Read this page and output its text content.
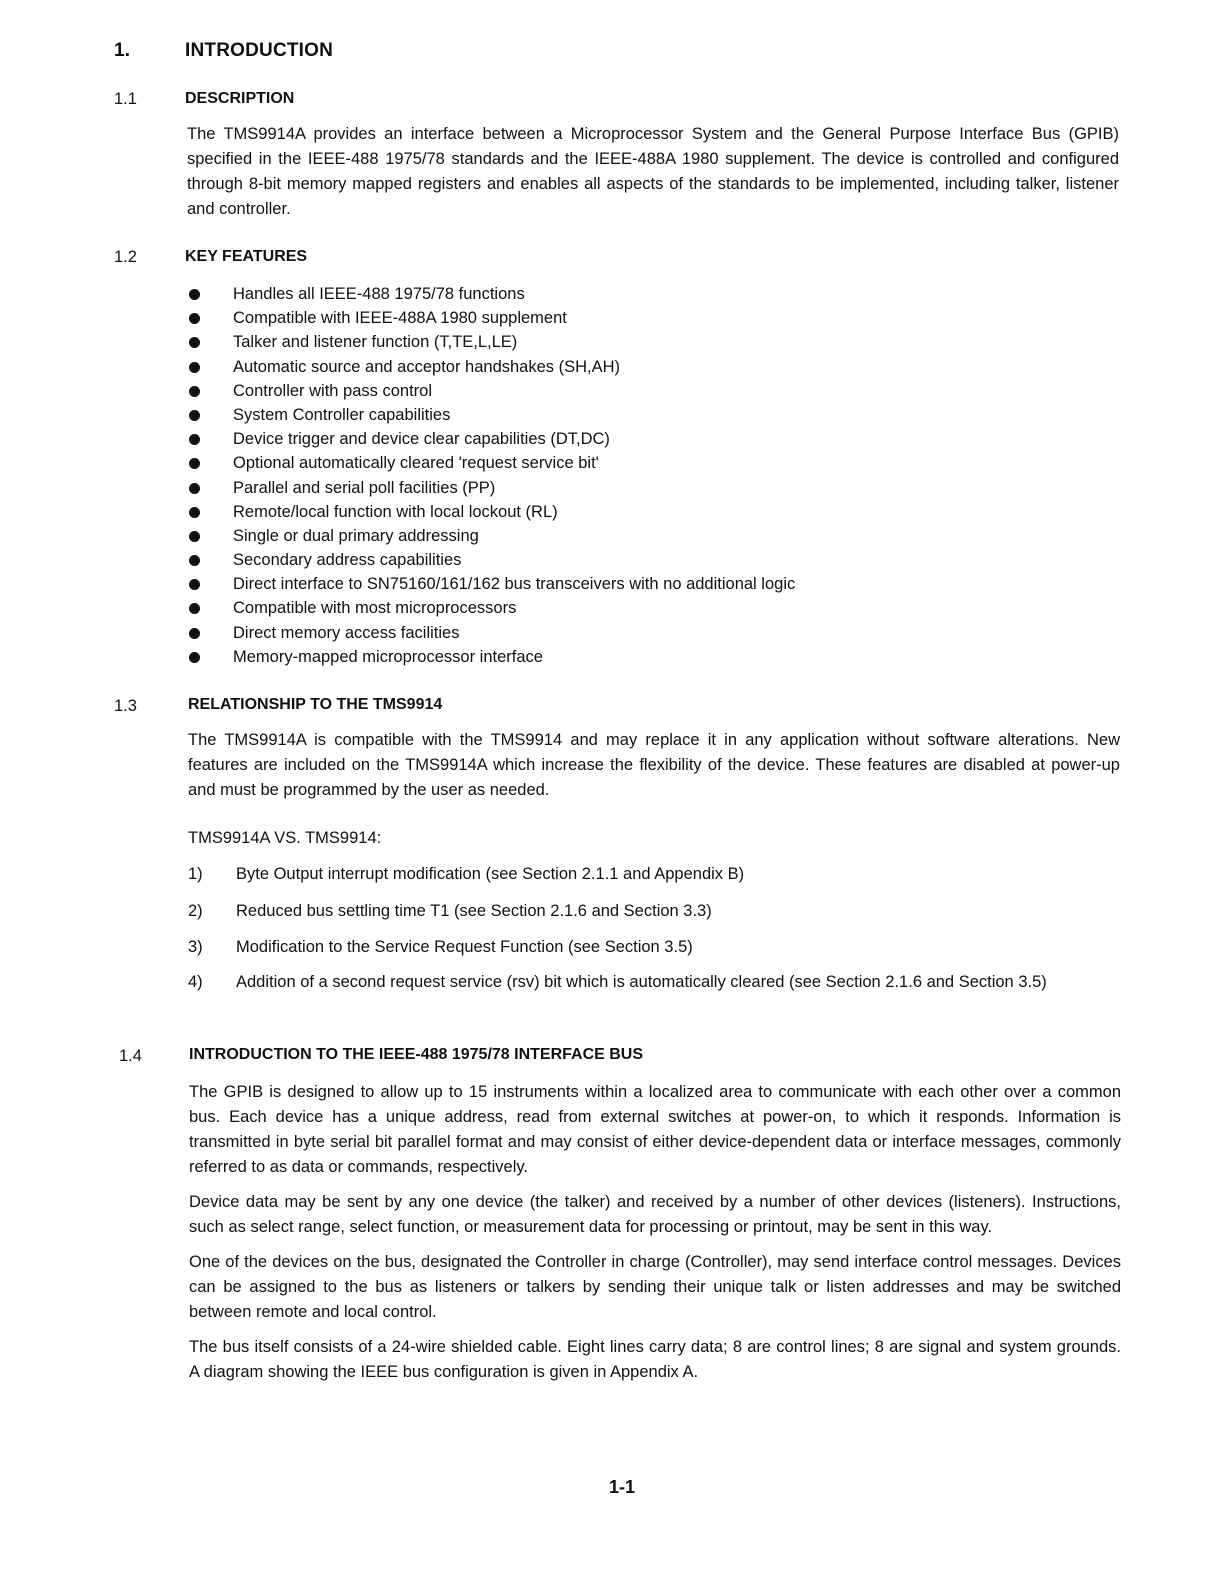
1.	INTRODUCTION
1.1	DESCRIPTION
The TMS9914A provides an interface between a Microprocessor System and the General Purpose Interface Bus (GPIB) specified in the IEEE-488 1975/78 standards and the IEEE-488A 1980 supplement. The device is controlled and configured through 8-bit memory mapped registers and enables all aspects of the standards to be implemented, including talker, listener and controller.
1.2	KEY FEATURES
Handles all IEEE-488 1975/78 functions
Compatible with IEEE-488A 1980 supplement
Talker and listener function (T,TE,L,LE)
Automatic source and acceptor handshakes (SH,AH)
Controller with pass control
System Controller capabilities
Device trigger and device clear capabilities (DT,DC)
Optional automatically cleared 'request service bit'
Parallel and serial poll facilities (PP)
Remote/local function with local lockout (RL)
Single or dual primary addressing
Secondary address capabilities
Direct interface to SN75160/161/162 bus transceivers with no additional logic
Compatible with most microprocessors
Direct memory access facilities
Memory-mapped microprocessor interface
1.3	RELATIONSHIP TO THE TMS9914
The TMS9914A is compatible with the TMS9914 and may replace it in any application without software alterations. New features are included on the TMS9914A which increase the flexibility of the device. These features are disabled at power-up and must be programmed by the user as needed.
TMS9914A VS. TMS9914:
1) Byte Output interrupt modification (see Section 2.1.1 and Appendix B)
2) Reduced bus settling time T1 (see Section 2.1.6 and Section 3.3)
3) Modification to the Service Request Function (see Section 3.5)
4) Addition of a second request service (rsv) bit which is automatically cleared (see Section 2.1.6 and Section 3.5)
1.4	INTRODUCTION TO THE IEEE-488 1975/78 INTERFACE BUS
The GPIB is designed to allow up to 15 instruments within a localized area to communicate with each other over a common bus. Each device has a unique address, read from external switches at power-on, to which it responds. Information is transmitted in byte serial bit parallel format and may consist of either device-dependent data or interface messages, commonly referred to as data or commands, respectively.
Device data may be sent by any one device (the talker) and received by a number of other devices (listeners). Instructions, such as select range, select function, or measurement data for processing or printout, may be sent in this way.
One of the devices on the bus, designated the Controller in charge (Controller), may send interface control messages. Devices can be assigned to the bus as listeners or talkers by sending their unique talk or listen addresses and may be switched between remote and local control.
The bus itself consists of a 24-wire shielded cable. Eight lines carry data; 8 are control lines; 8 are signal and system grounds. A diagram showing the IEEE bus configuration is given in Appendix A.
1-1
